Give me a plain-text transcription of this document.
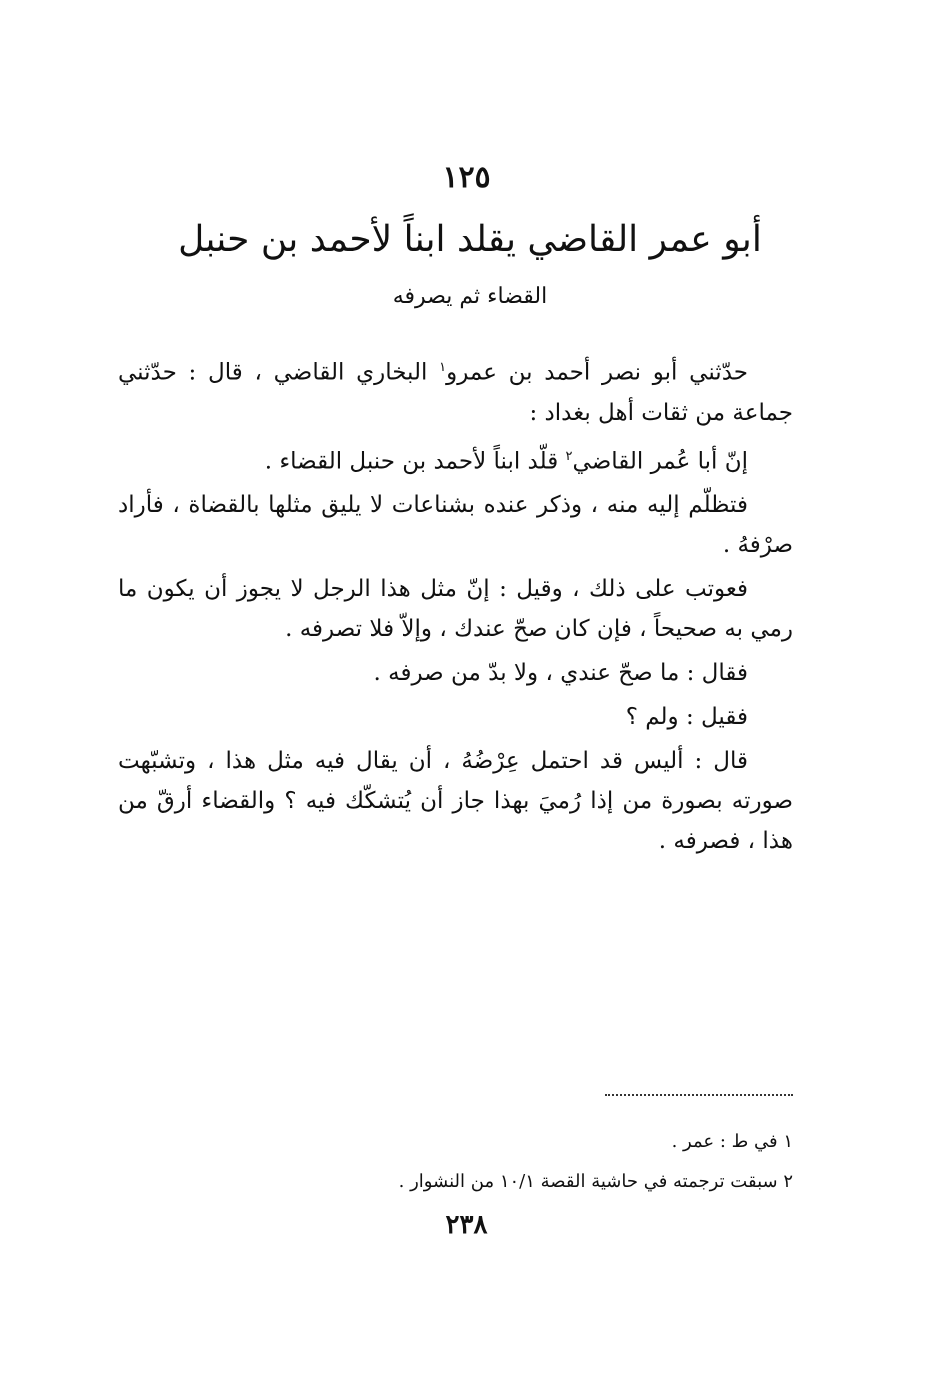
١٢٥
أبو عمر القاضي يقلد ابناً لأحمد بن حنبل
القضاء ثم يصرفه

حدّثني أبو نصر أحمد بن عمرو$^١$ البخاري القاضي ، قال : حدّثني جماعة من ثقات أهل بغداد :

إنّ أبا عُمر القاضي$^٢$ قلّد ابناً لأحمد بن حنبل القضاء .

فتظلّم إليه منه ، وذكر عنده بشناعات لا يليق مثلها بالقضاة ، فأراد صرْفهُ .

فعوتب على ذلك ، وقيل : إنّ مثل هذا الرجل لا يجوز أن يكون ما رمي به صحيحاً ، فإن كان صحّ عندك ، وإلاّ فلا تصرفه .

فقال : ما صحّ عندي ، ولا بدّ من صرفه .

فقيل : ولم ؟

قال : أليس قد احتمل عِرْضُهُ ، أن يقال فيه مثل هذا ، وتشبّهت صورته بصورة من إذا رُميَ بهذا جاز أن يُتشكّك فيه ؟ والقضاء أرقّ من هذا ، فصرفه .

١ في ط : عمر .

٢ سبقت ترجمته في حاشية القصة ١٠/١ من النشوار .

٢٣٨
